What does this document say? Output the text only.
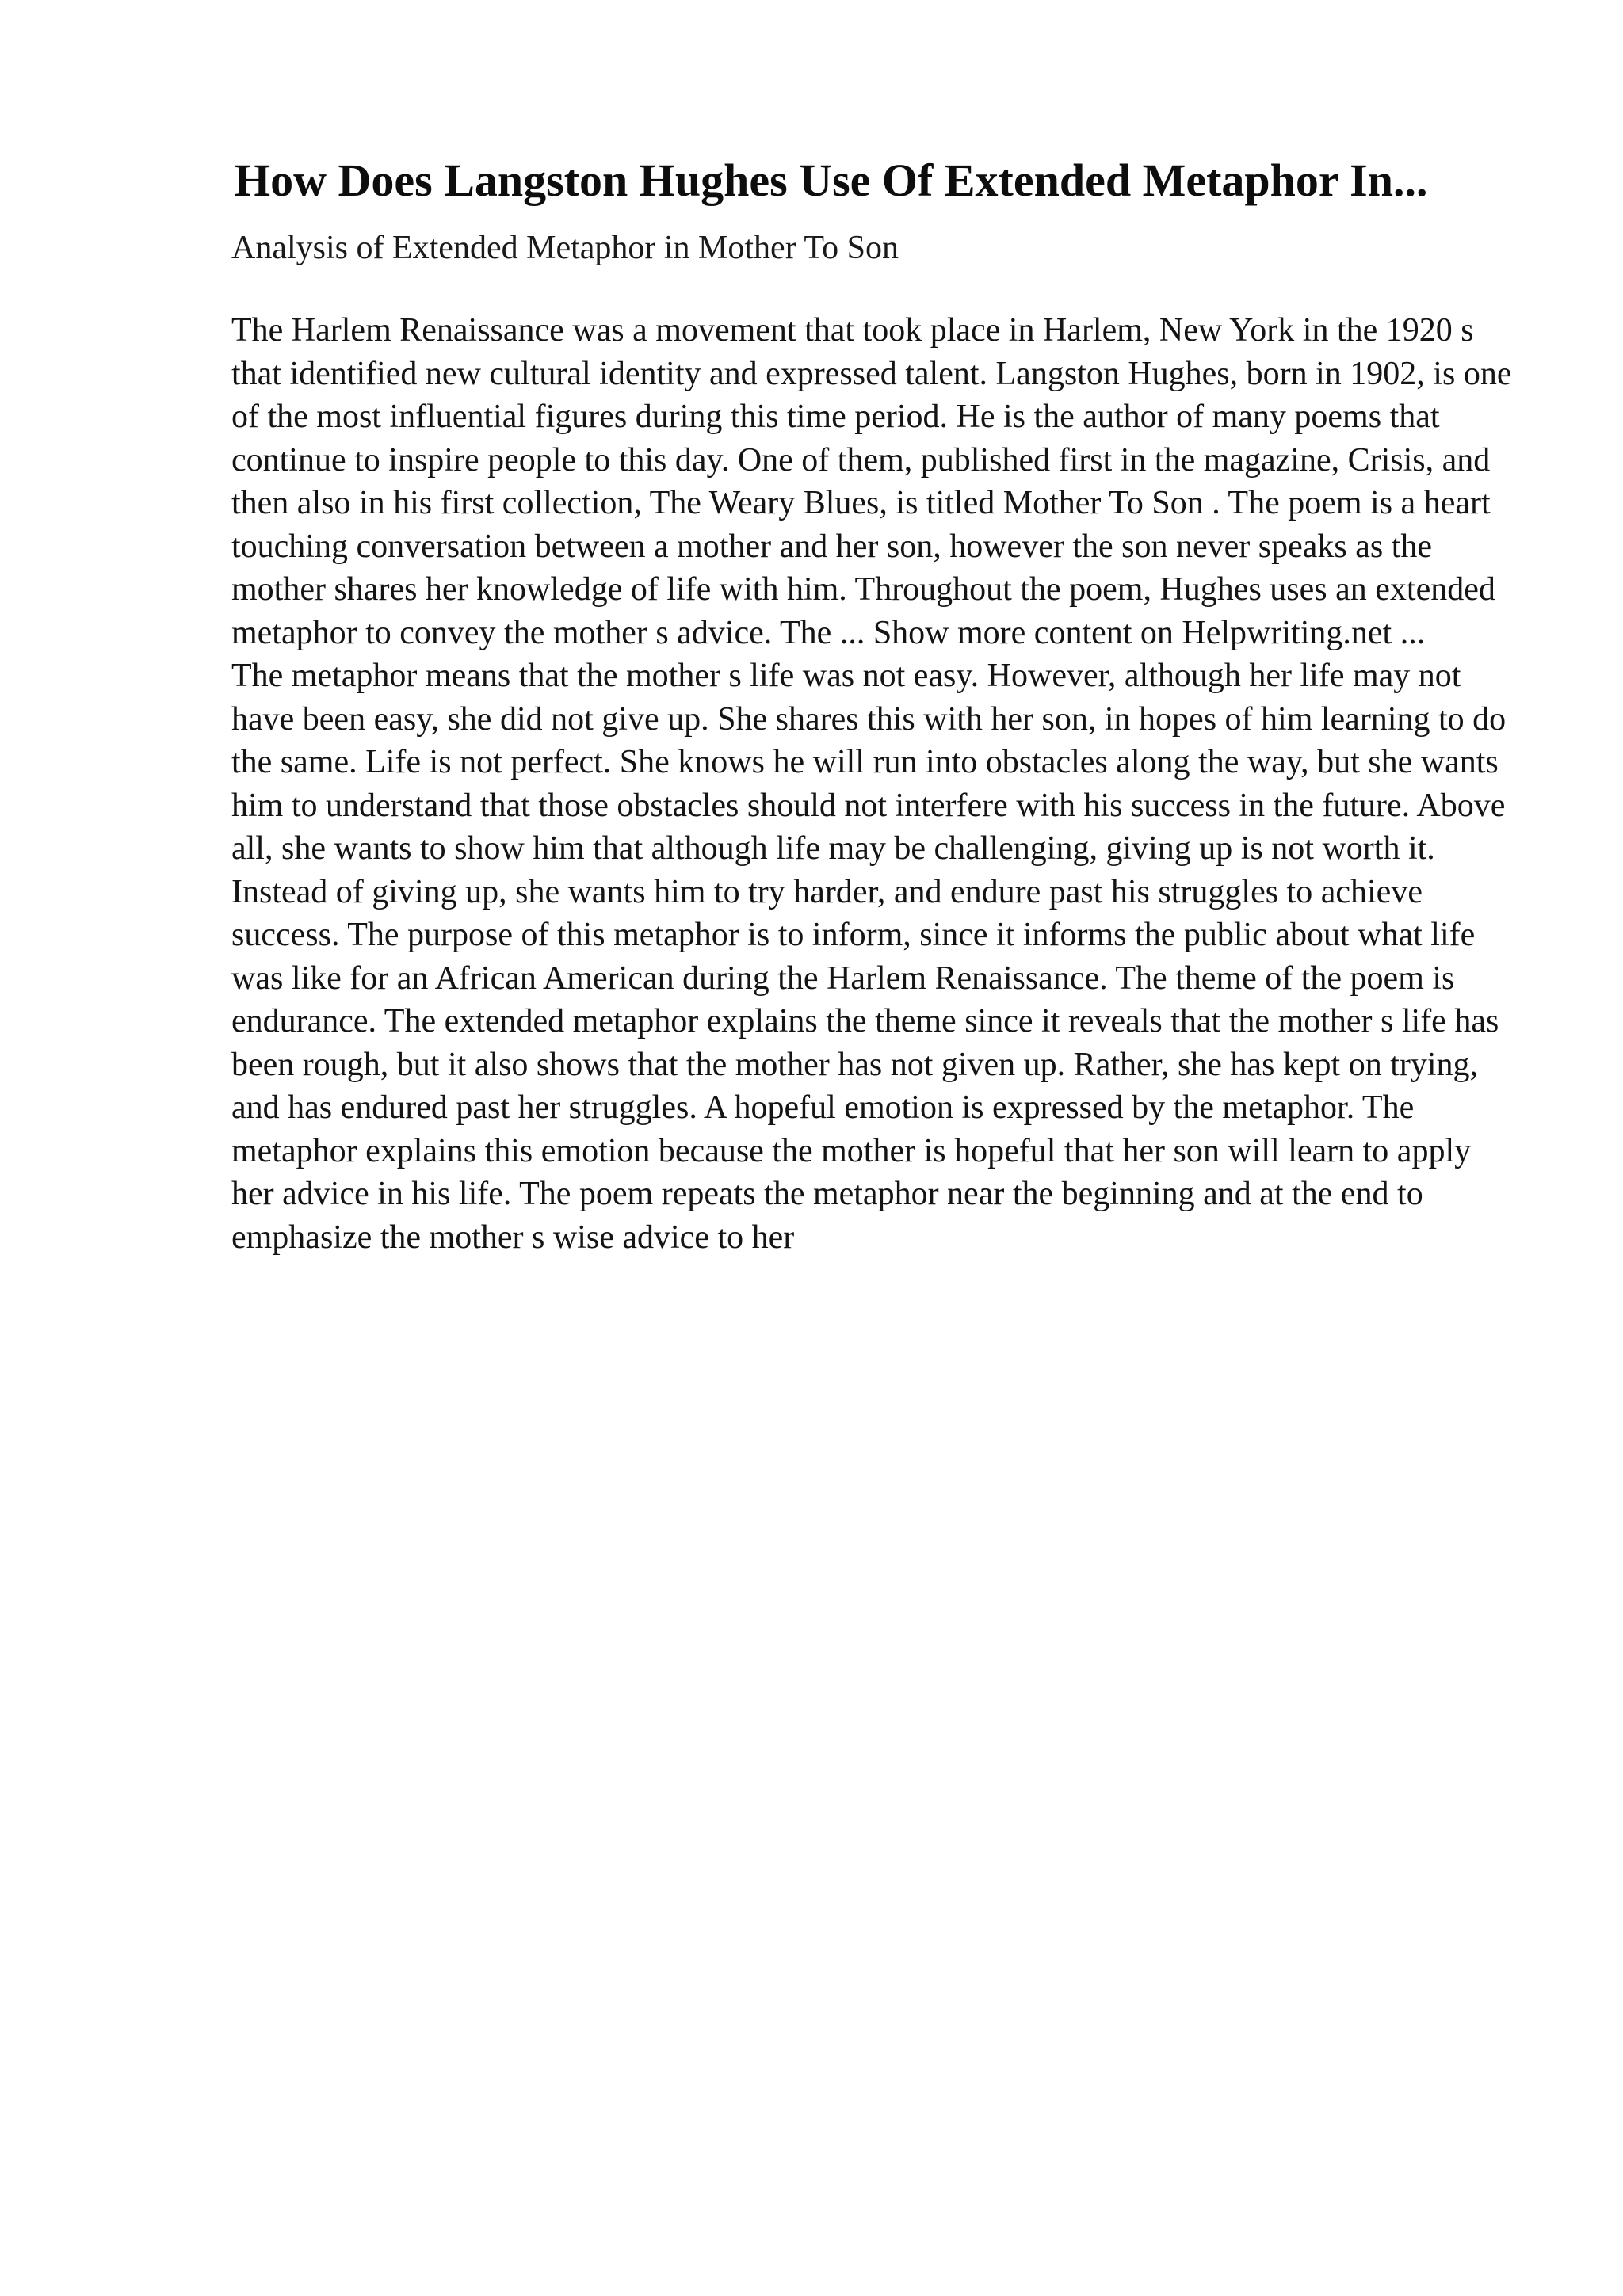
How Does Langston Hughes Use Of Extended Metaphor In...

Analysis of Extended Metaphor in Mother To Son

The Harlem Renaissance was a movement that took place in Harlem, New York in the 1920 s that identified new cultural identity and expressed talent. Langston Hughes, born in 1902, is one of the most influential figures during this time period. He is the author of many poems that continue to inspire people to this day. One of them, published first in the magazine, Crisis, and then also in his first collection, The Weary Blues, is titled Mother To Son . The poem is a heart touching conversation between a mother and her son, however the son never speaks as the mother shares her knowledge of life with him. Throughout the poem, Hughes uses an extended metaphor to convey the mother s advice. The ... Show more content on Helpwriting.net ...

The metaphor means that the mother s life was not easy. However, although her life may not have been easy, she did not give up. She shares this with her son, in hopes of him learning to do the same. Life is not perfect. She knows he will run into obstacles along the way, but she wants him to understand that those obstacles should not interfere with his success in the future. Above all, she wants to show him that although life may be challenging, giving up is not worth it. Instead of giving up, she wants him to try harder, and endure past his struggles to achieve success. The purpose of this metaphor is to inform, since it informs the public about what life was like for an African American during the Harlem Renaissance. The theme of the poem is endurance. The extended metaphor explains the theme since it reveals that the mother s life has been rough, but it also shows that the mother has not given up. Rather, she has kept on trying, and has endured past her struggles. A hopeful emotion is expressed by the metaphor. The metaphor explains this emotion because the mother is hopeful that her son will learn to apply her advice in his life. The poem repeats the metaphor near the beginning and at the end to emphasize the mother s wise advice to her
